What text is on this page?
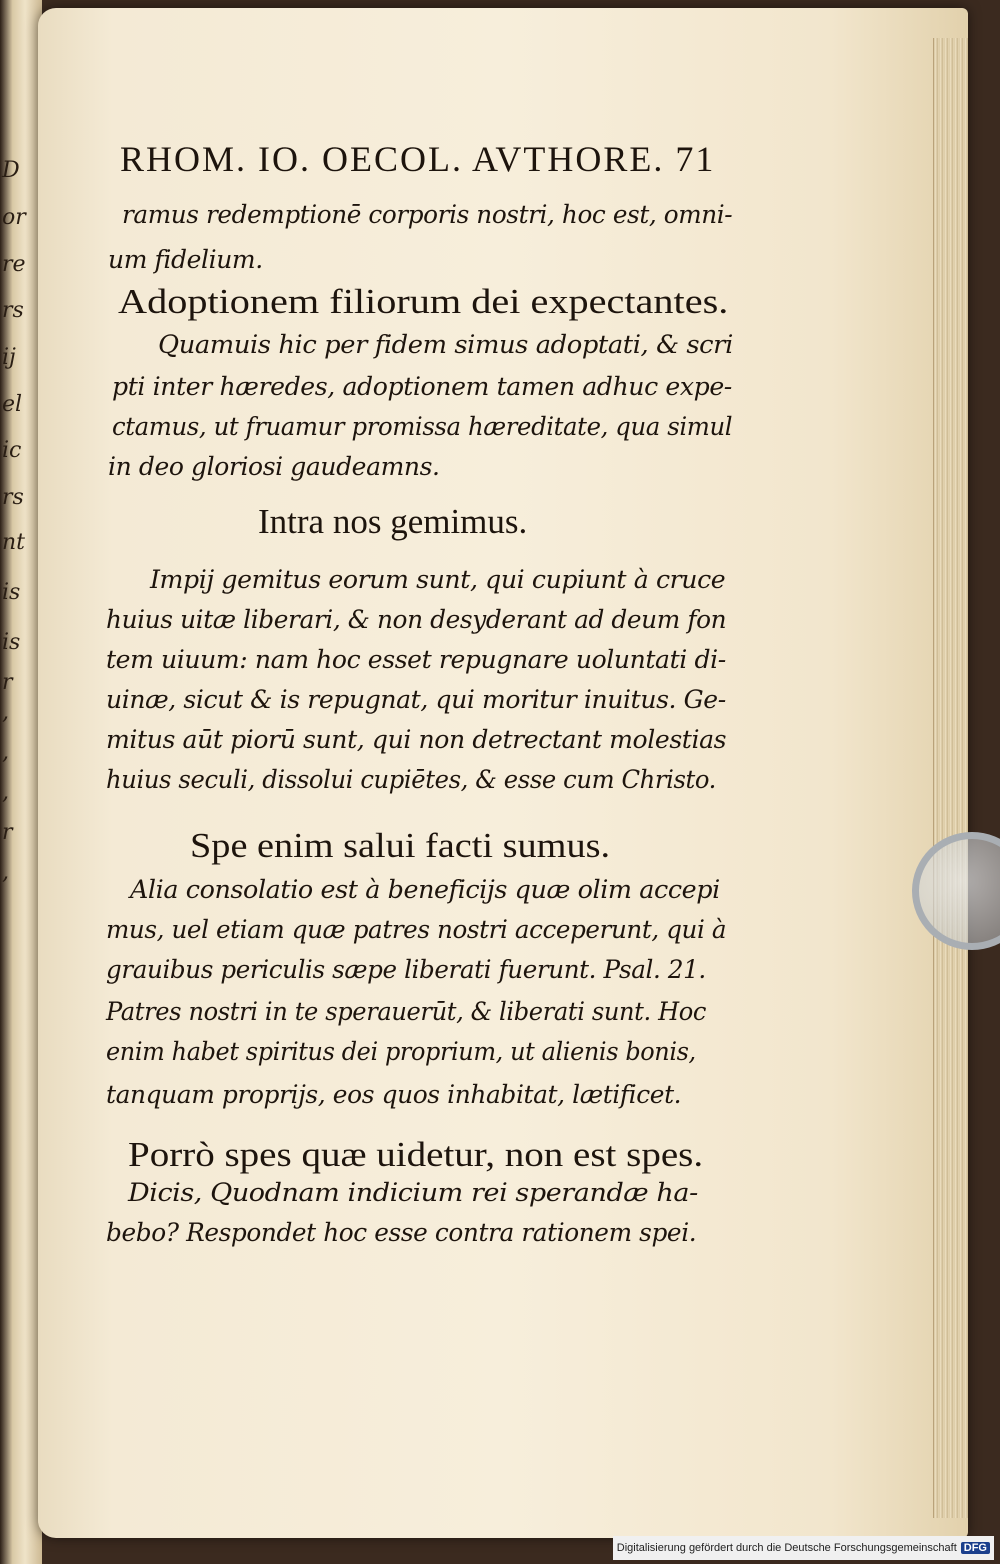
D
or
re
rs
ij
el
ic
rs
nt
is
is
r
,
,
,
r
,
RHOM. IO. OECOL. AVTHORE. 71
ramus redemptionē corporis nostri, hoc est, omni-
um fidelium.
Adoptionem filiorum dei expectantes.
Quamuis hic per fidem simus adoptati, & scri
pti inter hæredes, adoptionem tamen adhuc expe-
ctamus, ut fruamur promissa hæreditate, qua simul
in deo gloriosi gaudeamns.
Intra nos gemimus.
Impij gemitus eorum sunt, qui cupiunt à cruce
huius uitæ liberari, & non desyderant ad deum fon
tem uiuum: nam hoc esset repugnare uoluntati di-
uinæ, sicut & is repugnat, qui moritur inuitus. Ge-
mitus aūt piorū sunt, qui non detrectant molestias
huius seculi, dissolui cupiētes, & esse cum Christo.
Spe enim salui facti sumus.
Alia consolatio est à beneficijs quæ olim accepi
mus, uel etiam quæ patres nostri acceperunt, qui à
grauibus periculis sæpe liberati fuerunt. Psal. 21.
Patres nostri in te sperauerūt, & liberati sunt. Hoc
enim habet spiritus dei proprium, ut alienis bonis,
tanquam proprijs, eos quos inhabitat, lætificet.
Porrò spes quæ uidetur, non est spes.
Dicis, Quodnam indicium rei sperandæ ha-
bebo? Respondet hoc esse contra rationem spei.
Digitalisierung gefördert durch die Deutsche Forschungsgemeinschaft DFG
